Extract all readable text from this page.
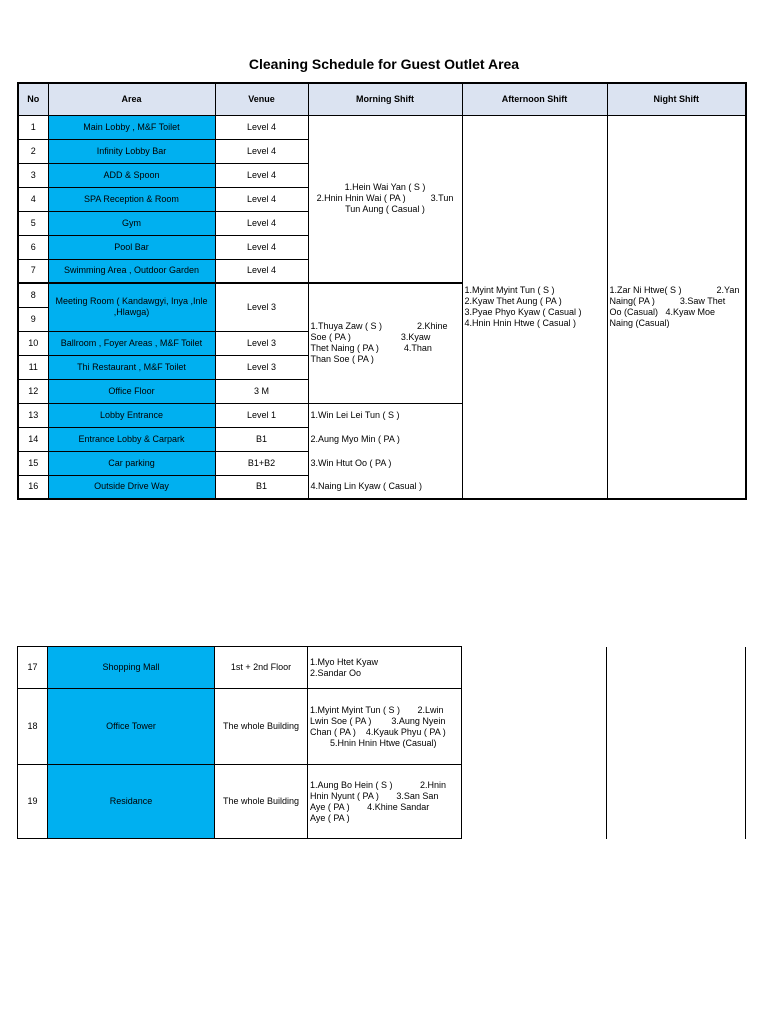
Cleaning Schedule for Guest Outlet Area
No	Area	Venue	Morning Shift	Afternoon Shift	Night Shift
1	Main Lobby , M&F Toilet	Level 4	1.Hein Wai Yan ( S )
2.Hnin Hnin Wai ( PA )          3.Tun
Tun Aung ( Casual )	1.Myint Myint Tun ( S )
2.Kyaw Thet Aung ( PA )
3.Pyae Phyo Kyaw ( Casual )
4.Hnin Hnin Htwe ( Casual )	1.Zar Ni Htwe( S )              2.Yan
Naing( PA )          3.Saw Thet
Oo (Casual)   4.Kyaw Moe
Naing (Casual)

2	Infinity Lobby Bar	Level 4			
3	ADD & Spoon	Level 4			
4	SPA Reception & Room	Level 4			
5	Gym	Level 4			
6	Pool Bar	Level 4			
7	Swimming Area , Outdoor Garden	Level 4			
8	Meeting Room ( Kandawgyi, Inya ,Inle ,Hlawga)	Level 3	1.Thuya Zaw ( S )              2.Khine
Soe ( PA )                    3.Kyaw
Thet Naing ( PA )          4.Than
Than Soe ( PA )		

9					
10	Ballroom , Foyer Areas , M&F Toilet	Level 3			
11	Thi Restaurant , M&F Toilet	Level 3			
12	Office Floor	3 M			
13	Lobby Entrance	Level 1	1.Win Lei Lei Tun ( S )		
14	Entrance Lobby & Carpark	B1	2.Aung Myo Min ( PA )		
15	Car parking	B1+B2	3.Win Htut Oo ( PA )		
16	Outside Drive Way	B1	4.Naing Lin Kyaw ( Casual )		
17	Shopping Mall	1st + 2nd Floor	1.Myo Htet Kyaw
2.Sandar Oo		

18	Office Tower	The whole Building	1.Myint Myint Tun ( S )       2.Lwin
Lwin Soe ( PA )        3.Aung Nyein
Chan ( PA )    4.Kyauk Phyu ( PA )
5.Hnin Hnin Htwe (Casual)		

19	Residance	The whole Building	1.Aung Bo Hein ( S )           2.Hnin
Hnin Nyunt ( PA )       3.San San
Aye ( PA )       4.Khine Sandar
Aye ( PA )		
